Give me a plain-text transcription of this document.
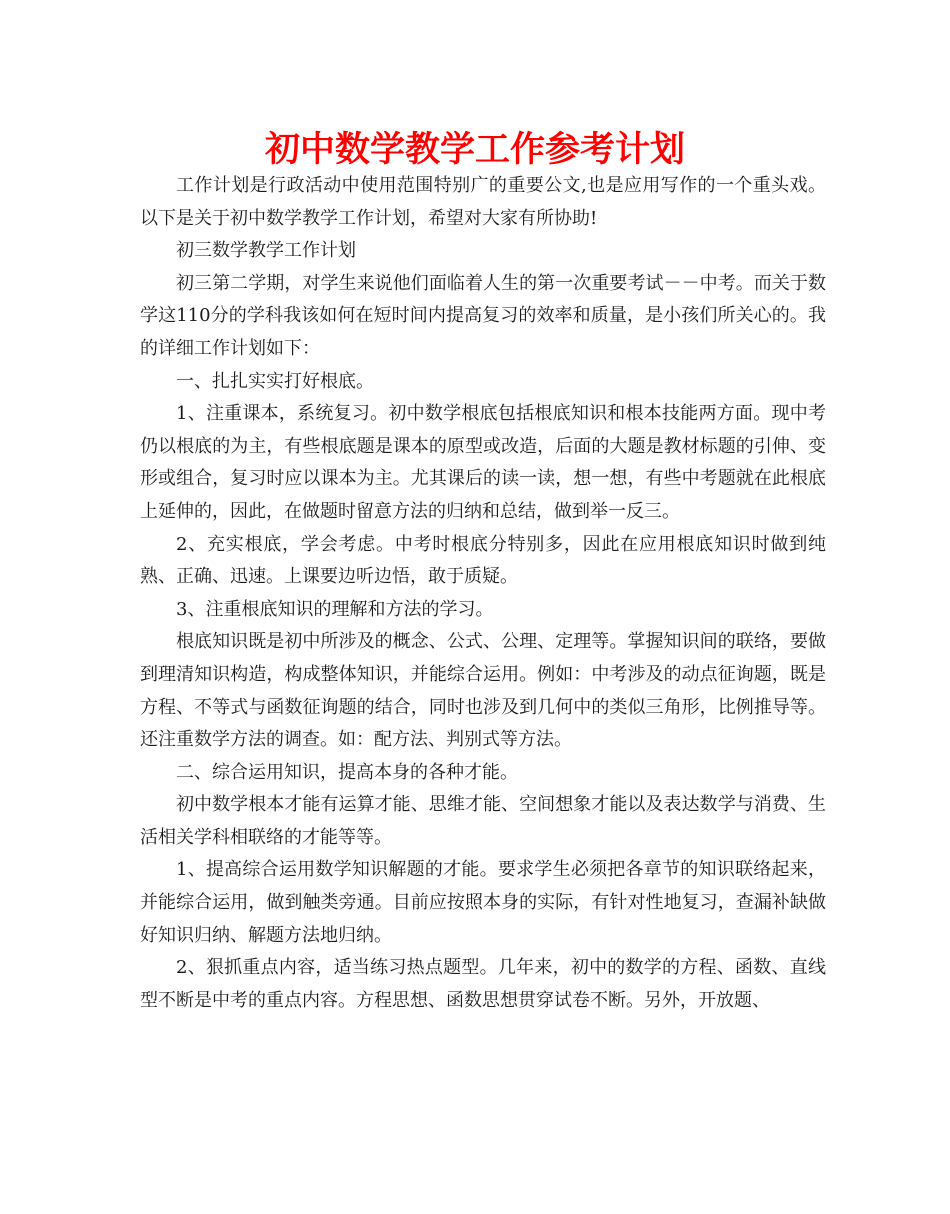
初中数学教学工作参考计划

工作计划是行政活动中使用范围特别广的重要公文,也是应用写作的一个重头戏。以下是关于初中数学教学工作计划，希望对大家有所协助!

初三数学教学工作计划

初三第二学期，对学生来说他们面临着人生的第一次重要考试－－中考。而关于数学这110分的学科我该如何在短时间内提高复习的效率和质量，是小孩们所关心的。我的详细工作计划如下：

一、扎扎实实打好根底。

1、注重课本，系统复习。初中数学根底包括根底知识和根本技能两方面。现中考仍以根底的为主，有些根底题是课本的原型或改造，后面的大题是教材标题的引伸、变形或组合，复习时应以课本为主。尤其课后的读一读，想一想，有些中考题就在此根底上延伸的，因此，在做题时留意方法的归纳和总结，做到举一反三。

2、充实根底，学会考虑。中考时根底分特别多，因此在应用根底知识时做到纯熟、正确、迅速。上课要边听边悟，敢于质疑。

3、注重根底知识的理解和方法的学习。

根底知识既是初中所涉及的概念、公式、公理、定理等。掌握知识间的联络，要做到理清知识构造，构成整体知识，并能综合运用。例如：中考涉及的动点征询题，既是方程、不等式与函数征询题的结合，同时也涉及到几何中的类似三角形，比例推导等。还注重数学方法的调查。如：配方法、判别式等方法。

二、综合运用知识，提高本身的各种才能。

初中数学根本才能有运算才能、思维才能、空间想象才能以及表达数学与消费、生活相关学科相联络的才能等等。

1、提高综合运用数学知识解题的才能。要求学生必须把各章节的知识联络起来，并能综合运用，做到触类旁通。目前应按照本身的实际，有针对性地复习，查漏补缺做好知识归纳、解题方法地归纳。

2、狠抓重点内容，适当练习热点题型。几年来，初中的数学的方程、函数、直线型不断是中考的重点内容。方程思想、函数思想贯穿试卷不断。另外，开放题、
